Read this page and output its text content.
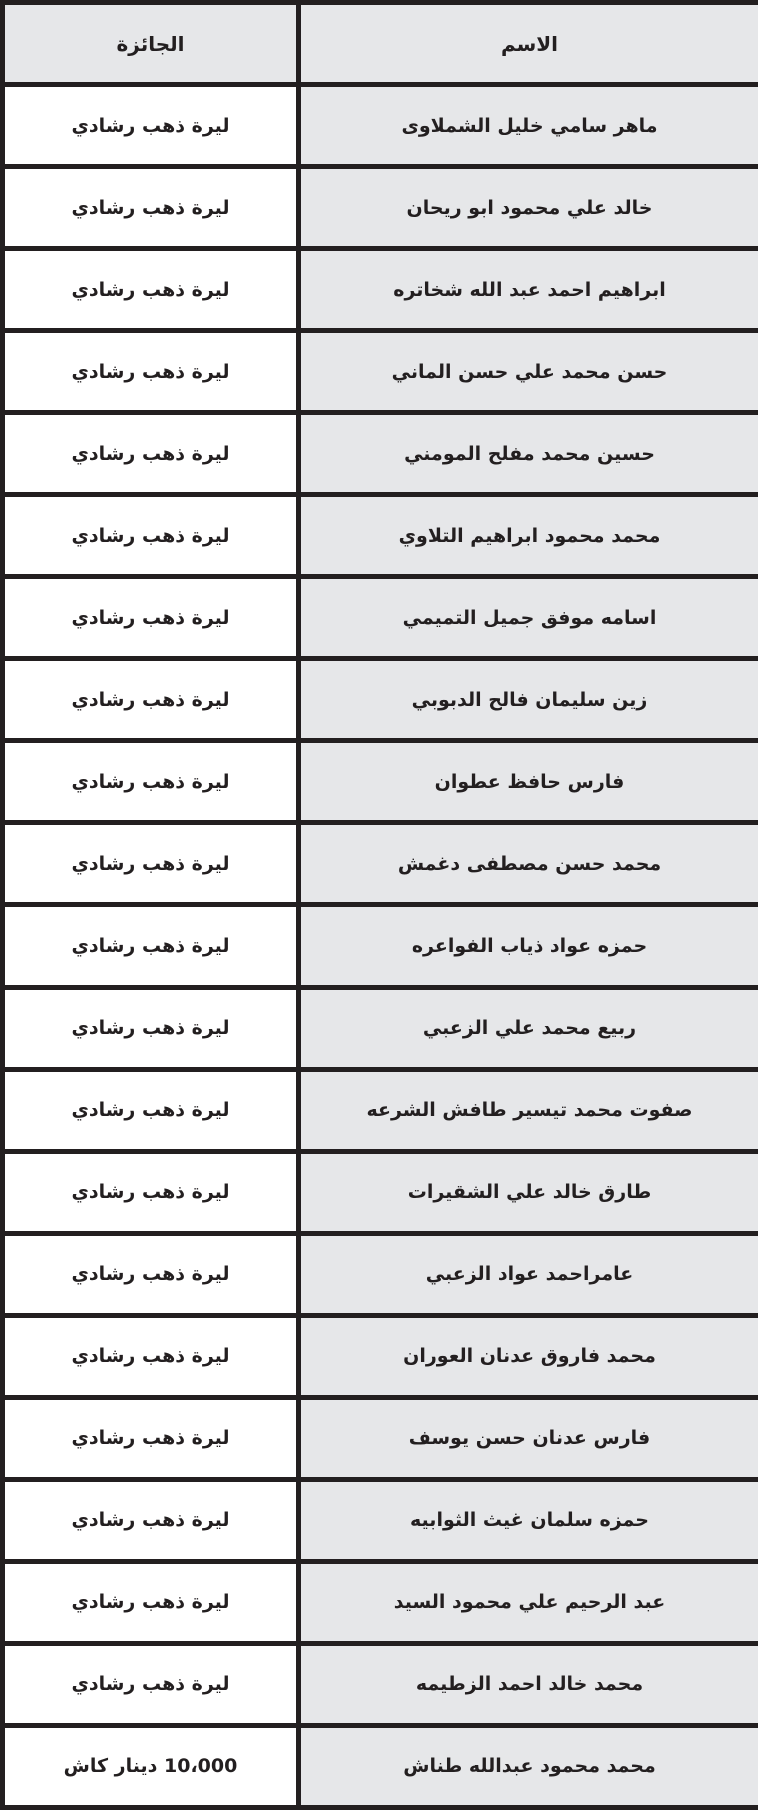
الاسم	الجائزة
ماهر سامي خليل الشملاوى	ليرة ذهب رشادي
خالد علي محمود ابو ريحان	ليرة ذهب رشادي
ابراهيم احمد عبد الله شخاتره	ليرة ذهب رشادي
حسن محمد علي حسن الماني	ليرة ذهب رشادي
حسين محمد مفلح المومني	ليرة ذهب رشادي
محمد محمود ابراهيم التلاوي	ليرة ذهب رشادي
اسامه موفق جميل التميمي	ليرة ذهب رشادي
زين سليمان فالح الدبوبي	ليرة ذهب رشادي
فارس حافظ عطوان	ليرة ذهب رشادي
محمد حسن مصطفى دغمش	ليرة ذهب رشادي
حمزه عواد ذياب الفواعره	ليرة ذهب رشادي
ربيع محمد علي الزعبي	ليرة ذهب رشادي
صفوت محمد تيسير طافش الشرعه	ليرة ذهب رشادي
طارق خالد علي الشقيرات	ليرة ذهب رشادي
عامراحمد عواد الزعبي	ليرة ذهب رشادي
محمد فاروق عدنان العوران	ليرة ذهب رشادي
فارس عدنان حسن يوسف	ليرة ذهب رشادي
حمزه سلمان غيث الثوابيه	ليرة ذهب رشادي
عبد الرحيم علي محمود السيد	ليرة ذهب رشادي
محمد خالد احمد الزطيمه	ليرة ذهب رشادي
محمد محمود عبدالله طناش	10،000 دينار كاش
